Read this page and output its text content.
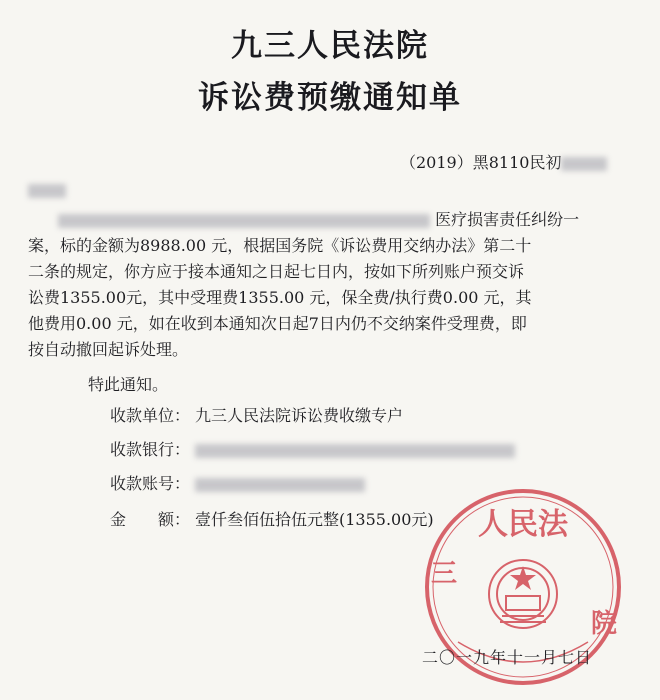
九三人民法院
诉讼费预缴通知单
（2019）黑8110民初
医疗损害责任纠纷一
案，标的金额为8988.00 元，根据国务院《诉讼费用交纳办法》第二十
二条的规定，你方应于接本通知之日起七日内，按如下所列账户预交诉
讼费1355.00元，其中受理费1355.00 元，保全费/执行费0.00 元，其
他费用0.00 元，如在收到本通知次日起7日内仍不交纳案件受理费，即
按自动撤回起诉处理。
特此通知。
收款单位： 九三人民法院诉讼费收缴专户
收款银行：
收款账号：
金　　额： 壹仟叁佰伍拾伍元整(1355.00元) 人民法
三
院
二〇一九年十一月七日
